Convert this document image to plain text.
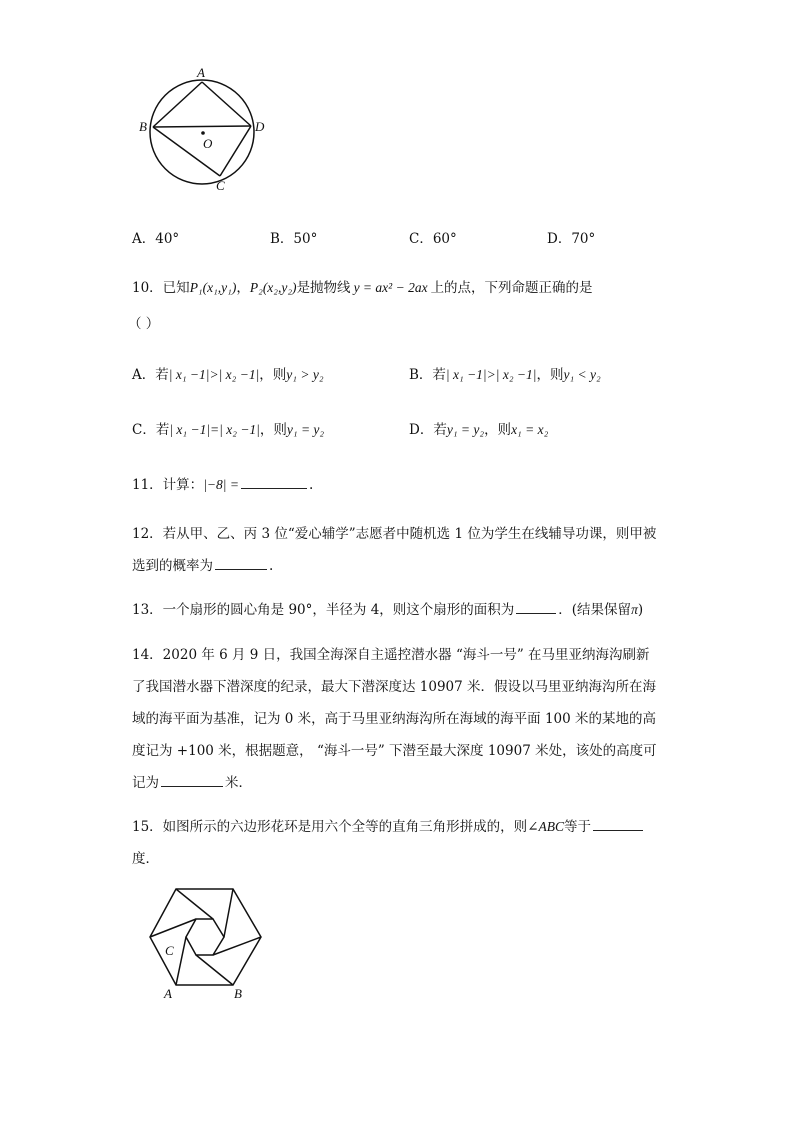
A
B	D
O
C
A．40°	B．50°	C．60°	D．70°
10．已知P₁(x₁,y₁)，P₂(x₂,y₂)是抛物线 y = ax² − 2ax 上的点，下列命题正确的是
（ ）
A．若| x₁ −1|>| x₂ −1|，则y₁ > y₂	B．若| x₁ −1|>| x₂ −1|，则y₁ < y₂
C．若| x₁ −1|=| x₂ −1|，则y₁ = y₂	D．若y₁ = y₂，则x₁ = x₂
11．计算：|−8| =	.
12．若从甲、乙、丙 3 位“爱心辅学”志愿者中随机选 1 位为学生在线辅导功课，则甲被
选到的概率为	.
13．一个扇形的圆心角是 90°，半径为 4，则这个扇形的面积为	．(结果保留π)
14．2020 年 6 月 9 日，我国全海深自主遥控潜水器 “海斗一号” 在马里亚纳海沟刷新
了我国潜水器下潜深度的纪录，最大下潜深度达 10907 米．假设以马里亚纳海沟所在海
域的海平面为基准，记为 0 米，高于马里亚纳海沟所在海域的海平面 100 米的某地的高
度记为 +100 米，根据题意， “海斗一号” 下潜至最大深度 10907 米处，该处的高度可
记为	米．
15．如图所示的六边形花环是用六个全等的直角三角形拼成的，则∠ABC等于
度．
C
A	B
